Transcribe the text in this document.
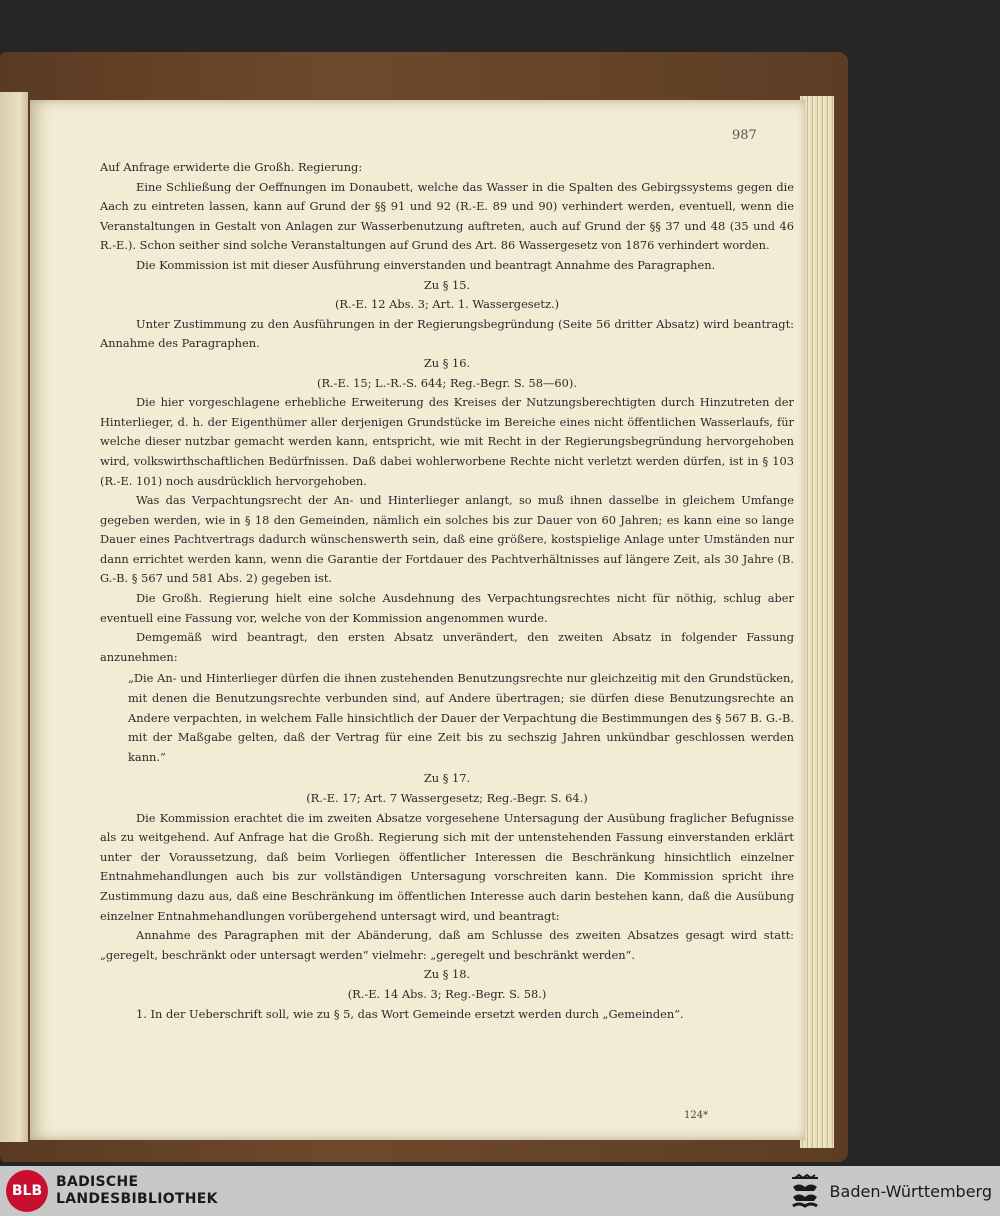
987

Auf Anfrage erwiderte die Großh. Regierung:

Eine Schließung der Oeffnungen im Donaubett, welche das Wasser in die Spalten des Gebirgssystems gegen die Aach zu eintreten lassen, kann auf Grund der §§ 91 und 92 (R.-E. 89 und 90) verhindert werden, eventuell, wenn die Veranstaltungen in Gestalt von Anlagen zur Wasserbenutzung auftreten, auch auf Grund der §§ 37 und 48 (35 und 46 R.-E.). Schon seither sind solche Veranstaltungen auf Grund des Art. 86 Wassergesetz von 1876 verhindert worden.

Die Kommission ist mit dieser Ausführung einverstanden und beantragt Annahme des Paragraphen.

Zu § 15.

(R.-E. 12 Abs. 3; Art. 1. Wassergesetz.)

Unter Zustimmung zu den Ausführungen in der Regierungsbegründung (Seite 56 dritter Absatz) wird beantragt: Annahme des Paragraphen.

Zu § 16.

(R.-E. 15; L.-R.-S. 644; Reg.-Begr. S. 58—60).

Die hier vorgeschlagene erhebliche Erweiterung des Kreises der Nutzungsberechtigten durch Hinzutreten der Hinterlieger, d. h. der Eigenthümer aller derjenigen Grundstücke im Bereiche eines nicht öffentlichen Wasserlaufs, für welche dieser nutzbar gemacht werden kann, entspricht, wie mit Recht in der Regierungsbegründung hervorgehoben wird, volkswirthschaftlichen Bedürfnissen. Daß dabei wohlerworbene Rechte nicht verletzt werden dürfen, ist in § 103 (R.-E. 101) noch ausdrücklich hervorgehoben.

Was das Verpachtungsrecht der An- und Hinterlieger anlangt, so muß ihnen dasselbe in gleichem Umfange gegeben werden, wie in § 18 den Gemeinden, nämlich ein solches bis zur Dauer von 60 Jahren; es kann eine so lange Dauer eines Pachtvertrags dadurch wünschenswerth sein, daß eine größere, kostspielige Anlage unter Umständen nur dann errichtet werden kann, wenn die Garantie der Fortdauer des Pachtverhältnisses auf längere Zeit, als 30 Jahre (B. G.-B. § 567 und 581 Abs. 2) gegeben ist.

Die Großh. Regierung hielt eine solche Ausdehnung des Verpachtungsrechtes nicht für nöthig, schlug aber eventuell eine Fassung vor, welche von der Kommission angenommen wurde.

Demgemäß wird beantragt, den ersten Absatz unverändert, den zweiten Absatz in folgender Fassung anzunehmen:

„Die An- und Hinterlieger dürfen die ihnen zustehenden Benutzungsrechte nur gleichzeitig mit den Grundstücken, mit denen die Benutzungsrechte verbunden sind, auf Andere übertragen; sie dürfen diese Benutzungsrechte an Andere verpachten, in welchem Falle hinsichtlich der Dauer der Verpachtung die Bestimmungen des § 567 B. G.-B. mit der Maßgabe gelten, daß der Vertrag für eine Zeit bis zu sechszig Jahren unkündbar geschlossen werden kann.“

Zu § 17.

(R.-E. 17; Art. 7 Wassergesetz; Reg.-Begr. S. 64.)

Die Kommission erachtet die im zweiten Absatze vorgesehene Untersagung der Ausübung fraglicher Befugnisse als zu weitgehend. Auf Anfrage hat die Großh. Regierung sich mit der untenstehenden Fassung einverstanden erklärt unter der Voraussetzung, daß beim Vorliegen öffentlicher Interessen die Beschränkung hinsichtlich einzelner Entnahmehandlungen auch bis zur vollständigen Untersagung vorschreiten kann. Die Kommission spricht ihre Zustimmung dazu aus, daß eine Beschränkung im öffentlichen Interesse auch darin bestehen kann, daß die Ausübung einzelner Entnahmehandlungen vorübergehend untersagt wird, und beantragt:

Annahme des Paragraphen mit der Abänderung, daß am Schlusse des zweiten Absatzes gesagt wird statt: „geregelt, beschränkt oder untersagt werden“ vielmehr: „geregelt und beschränkt werden“.

Zu § 18.

(R.-E. 14 Abs. 3; Reg.-Begr. S. 58.)

1. In der Ueberschrift soll, wie zu § 5, das Wort Gemeinde ersetzt werden durch „Gemeinden“.

124*
BLB
BADISCHE
LANDESBIBLIOTHEK	Baden-Württemberg
